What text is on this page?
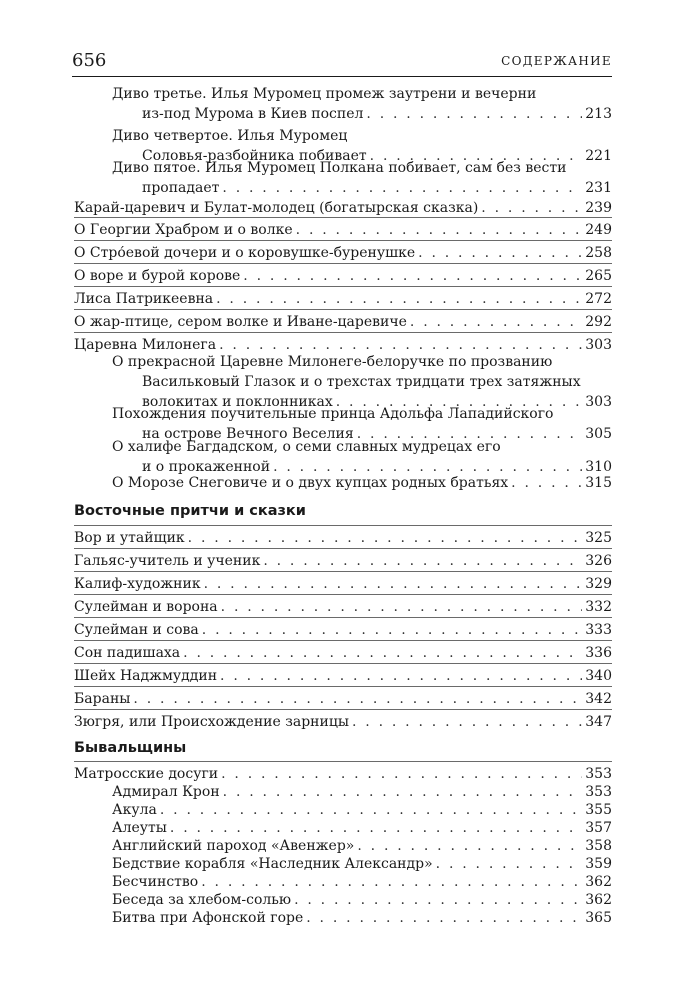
656	СОДЕРЖАНИЕ
Диво третье. Илья Муромец промеж заутрени и вечерни
из-под Мурома в Киев поспел . . .	213
Диво четвертое. Илья Муромец
Соловья-разбойника побивает . . .	221
Диво пятое. Илья Муромец Полкана побивает, сам без вести
пропадает . . .	231
Карай-царевич и Булат-молодец (богатырская сказка) . . .	239
О Георгии Храбром и о волке . . .	249
О Стро́евой дочери и о коровушке-буренушке . . .	258
О воре и бурой корове . . .	265
Лиса Патрикеевна . . .	272
О жар-птице, сером волке и Иване-царевиче . . .	292
Царевна Милонега . . .	303
О прекрасной Царевне Милонеге-белоручке по прозванию
Васильковый Глазок и о трехстах тридцати трех затяжных
волокитах и поклонниках . . .	303
Похождения поучительные принца Адольфа Лападийского
на острове Вечного Веселия . . .	305
О халифе Багдадском, о семи славных мудрецах его
и о прокаженной . . .	310
О Морозе Снеговиче и о двух купцах родных братьях . . .	315
Восточные притчи и сказки
Вор и утайщик . . .	325
Гальяс-учитель и ученик . . .	326
Калиф-художник . . .	329
Сулейман и ворона . . .	332
Сулейман и сова . . .	333
Сон падишаха . . .	336
Шейх Наджмуддин . . .	340
Бараны . . .	342
Зюгря, или Происхождение зарницы . . .	347
Бывальщины
Матросские досуги . . .	353
Адмирал Крон . . .	353
Акула . . .	355
Алеуты . . .	357
Английский пароход «Авенжер» . . .	358
Бедствие корабля «Наследник Александр» . . .	359
Бесчинство . . .	362
Беседа за хлебом-солью . . .	362
Битва при Афонской горе . . .	365
